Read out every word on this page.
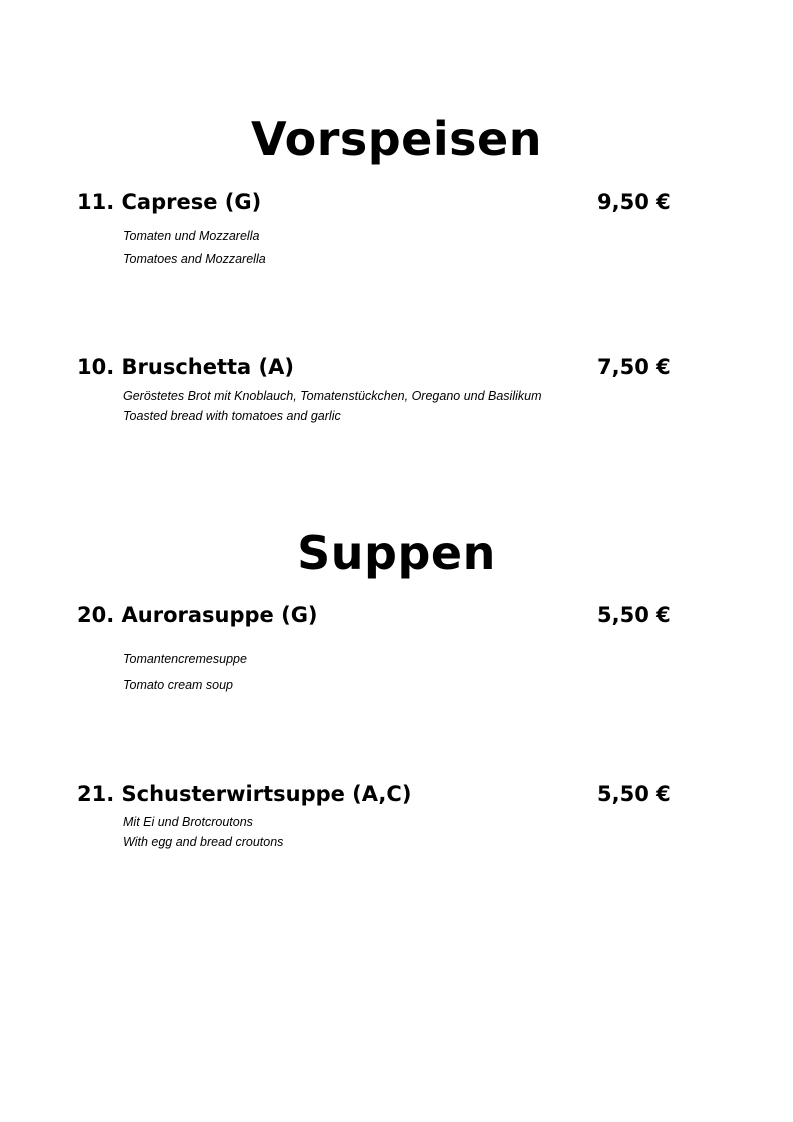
Vorspeisen
11. Caprese (G)	9,50 €
Tomaten und Mozzarella
Tomatoes and Mozzarella
10. Bruschetta (A)	7,50 €
Geröstetes Brot mit Knoblauch, Tomatenstückchen, Oregano und Basilikum
Toasted bread with tomatoes and garlic
Suppen
20. Aurorasuppe (G)	5,50 €
Tomantencremesuppe
Tomato cream soup
21. Schusterwirtsuppe (A,C)	5,50 €
Mit Ei und Brotcroutons
With egg and bread croutons
